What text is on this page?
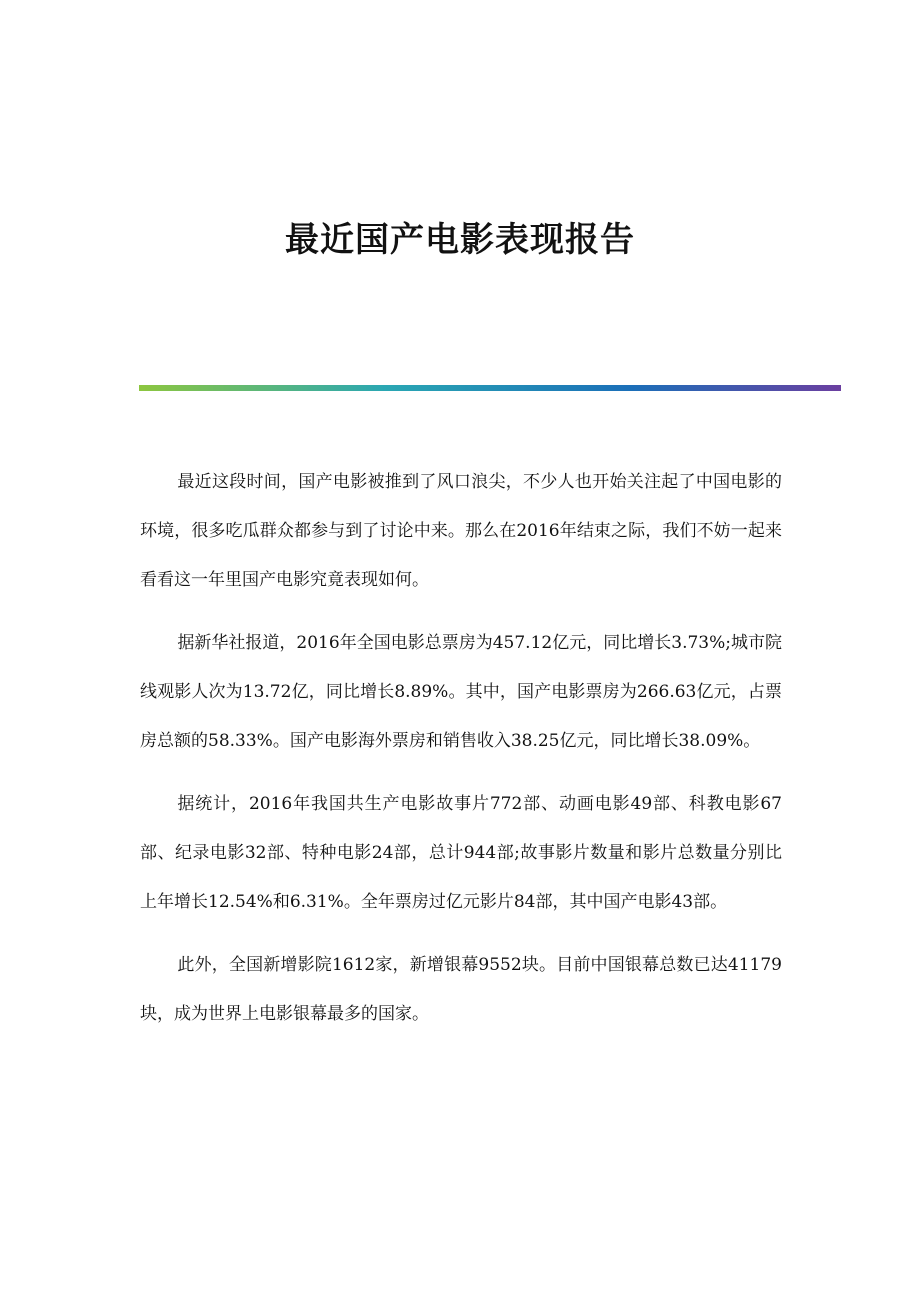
最近国产电影表现报告

最近这段时间，国产电影被推到了风口浪尖，不少人也开始关注起了中国电影的环境，很多吃瓜群众都参与到了讨论中来。那么在2016年结束之际，我们不妨一起来看看这一年里国产电影究竟表现如何。

据新华社报道，2016年全国电影总票房为457.12亿元，同比增长3.73%;城市院线观影人次为13.72亿，同比增长8.89%。其中，国产电影票房为266.63亿元，占票房总额的58.33%。国产电影海外票房和销售收入38.25亿元，同比增长38.09%。

据统计，2016年我国共生产电影故事片772部、动画电影49部、科教电影67部、纪录电影32部、特种电影24部，总计944部;故事影片数量和影片总数量分别比上年增长12.54%和6.31%。全年票房过亿元影片84部，其中国产电影43部。

此外，全国新增影院1612家，新增银幕9552块。目前中国银幕总数已达41179块，成为世界上电影银幕最多的国家。
